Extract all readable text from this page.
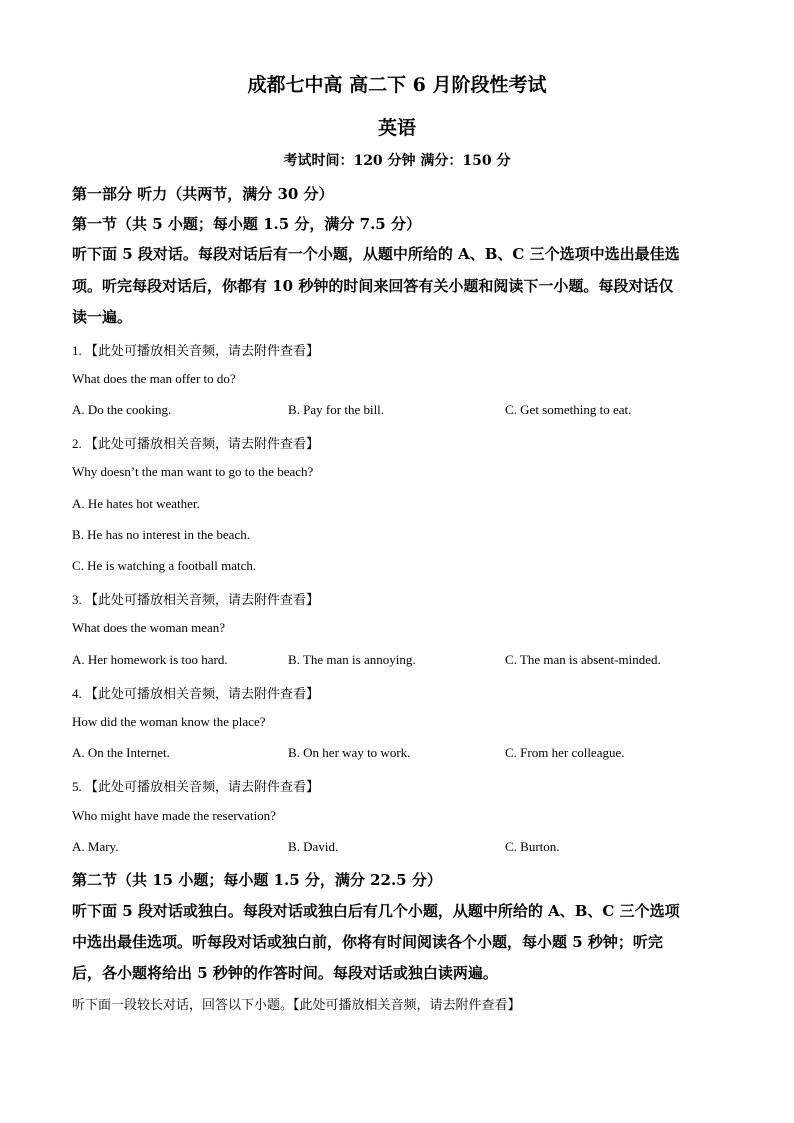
成都七中高 高二下 6 月阶段性考试
英语
考试时间：120 分钟 满分：150 分
第一部分 听力（共两节，满分 30 分）
第一节（共 5 小题；每小题 1.5 分，满分 7.5 分）
听下面 5 段对话。每段对话后有一个小题，从题中所给的 A、B、C 三个选项中选出最佳选
项。听完每段对话后，你都有 10 秒钟的时间来回答有关小题和阅读下一小题。每段对话仅
读一遍。
1. 【此处可播放相关音频，请去附件查看】
What does the man offer to do?
A. Do the cooking.	B. Pay for the bill.	C. Get something to eat.
2. 【此处可播放相关音频，请去附件查看】
Why doesn’t the man want to go to the beach?
A. He hates hot weather.
B. He has no interest in the beach.
C. He is watching a football match.
3. 【此处可播放相关音频，请去附件查看】
What does the woman mean?
A. Her homework is too hard.	B. The man is annoying.	C. The man is absent-minded.
4. 【此处可播放相关音频，请去附件查看】
How did the woman know the place?
A. On the Internet.	B. On her way to work.	C. From her colleague.
5. 【此处可播放相关音频，请去附件查看】
Who might have made the reservation?
A. Mary.	B. David.	C. Burton.
第二节（共 15 小题；每小题 1.5 分，满分 22.5 分）
听下面 5 段对话或独白。每段对话或独白后有几个小题，从题中所给的 A、B、C 三个选项
中选出最佳选项。听每段对话或独白前，你将有时间阅读各个小题，每小题 5 秒钟；听完
后，各小题将给出 5 秒钟的作答时间。每段对话或独白读两遍。
听下面一段较长对话，回答以下小题。【此处可播放相关音频，请去附件查看】
